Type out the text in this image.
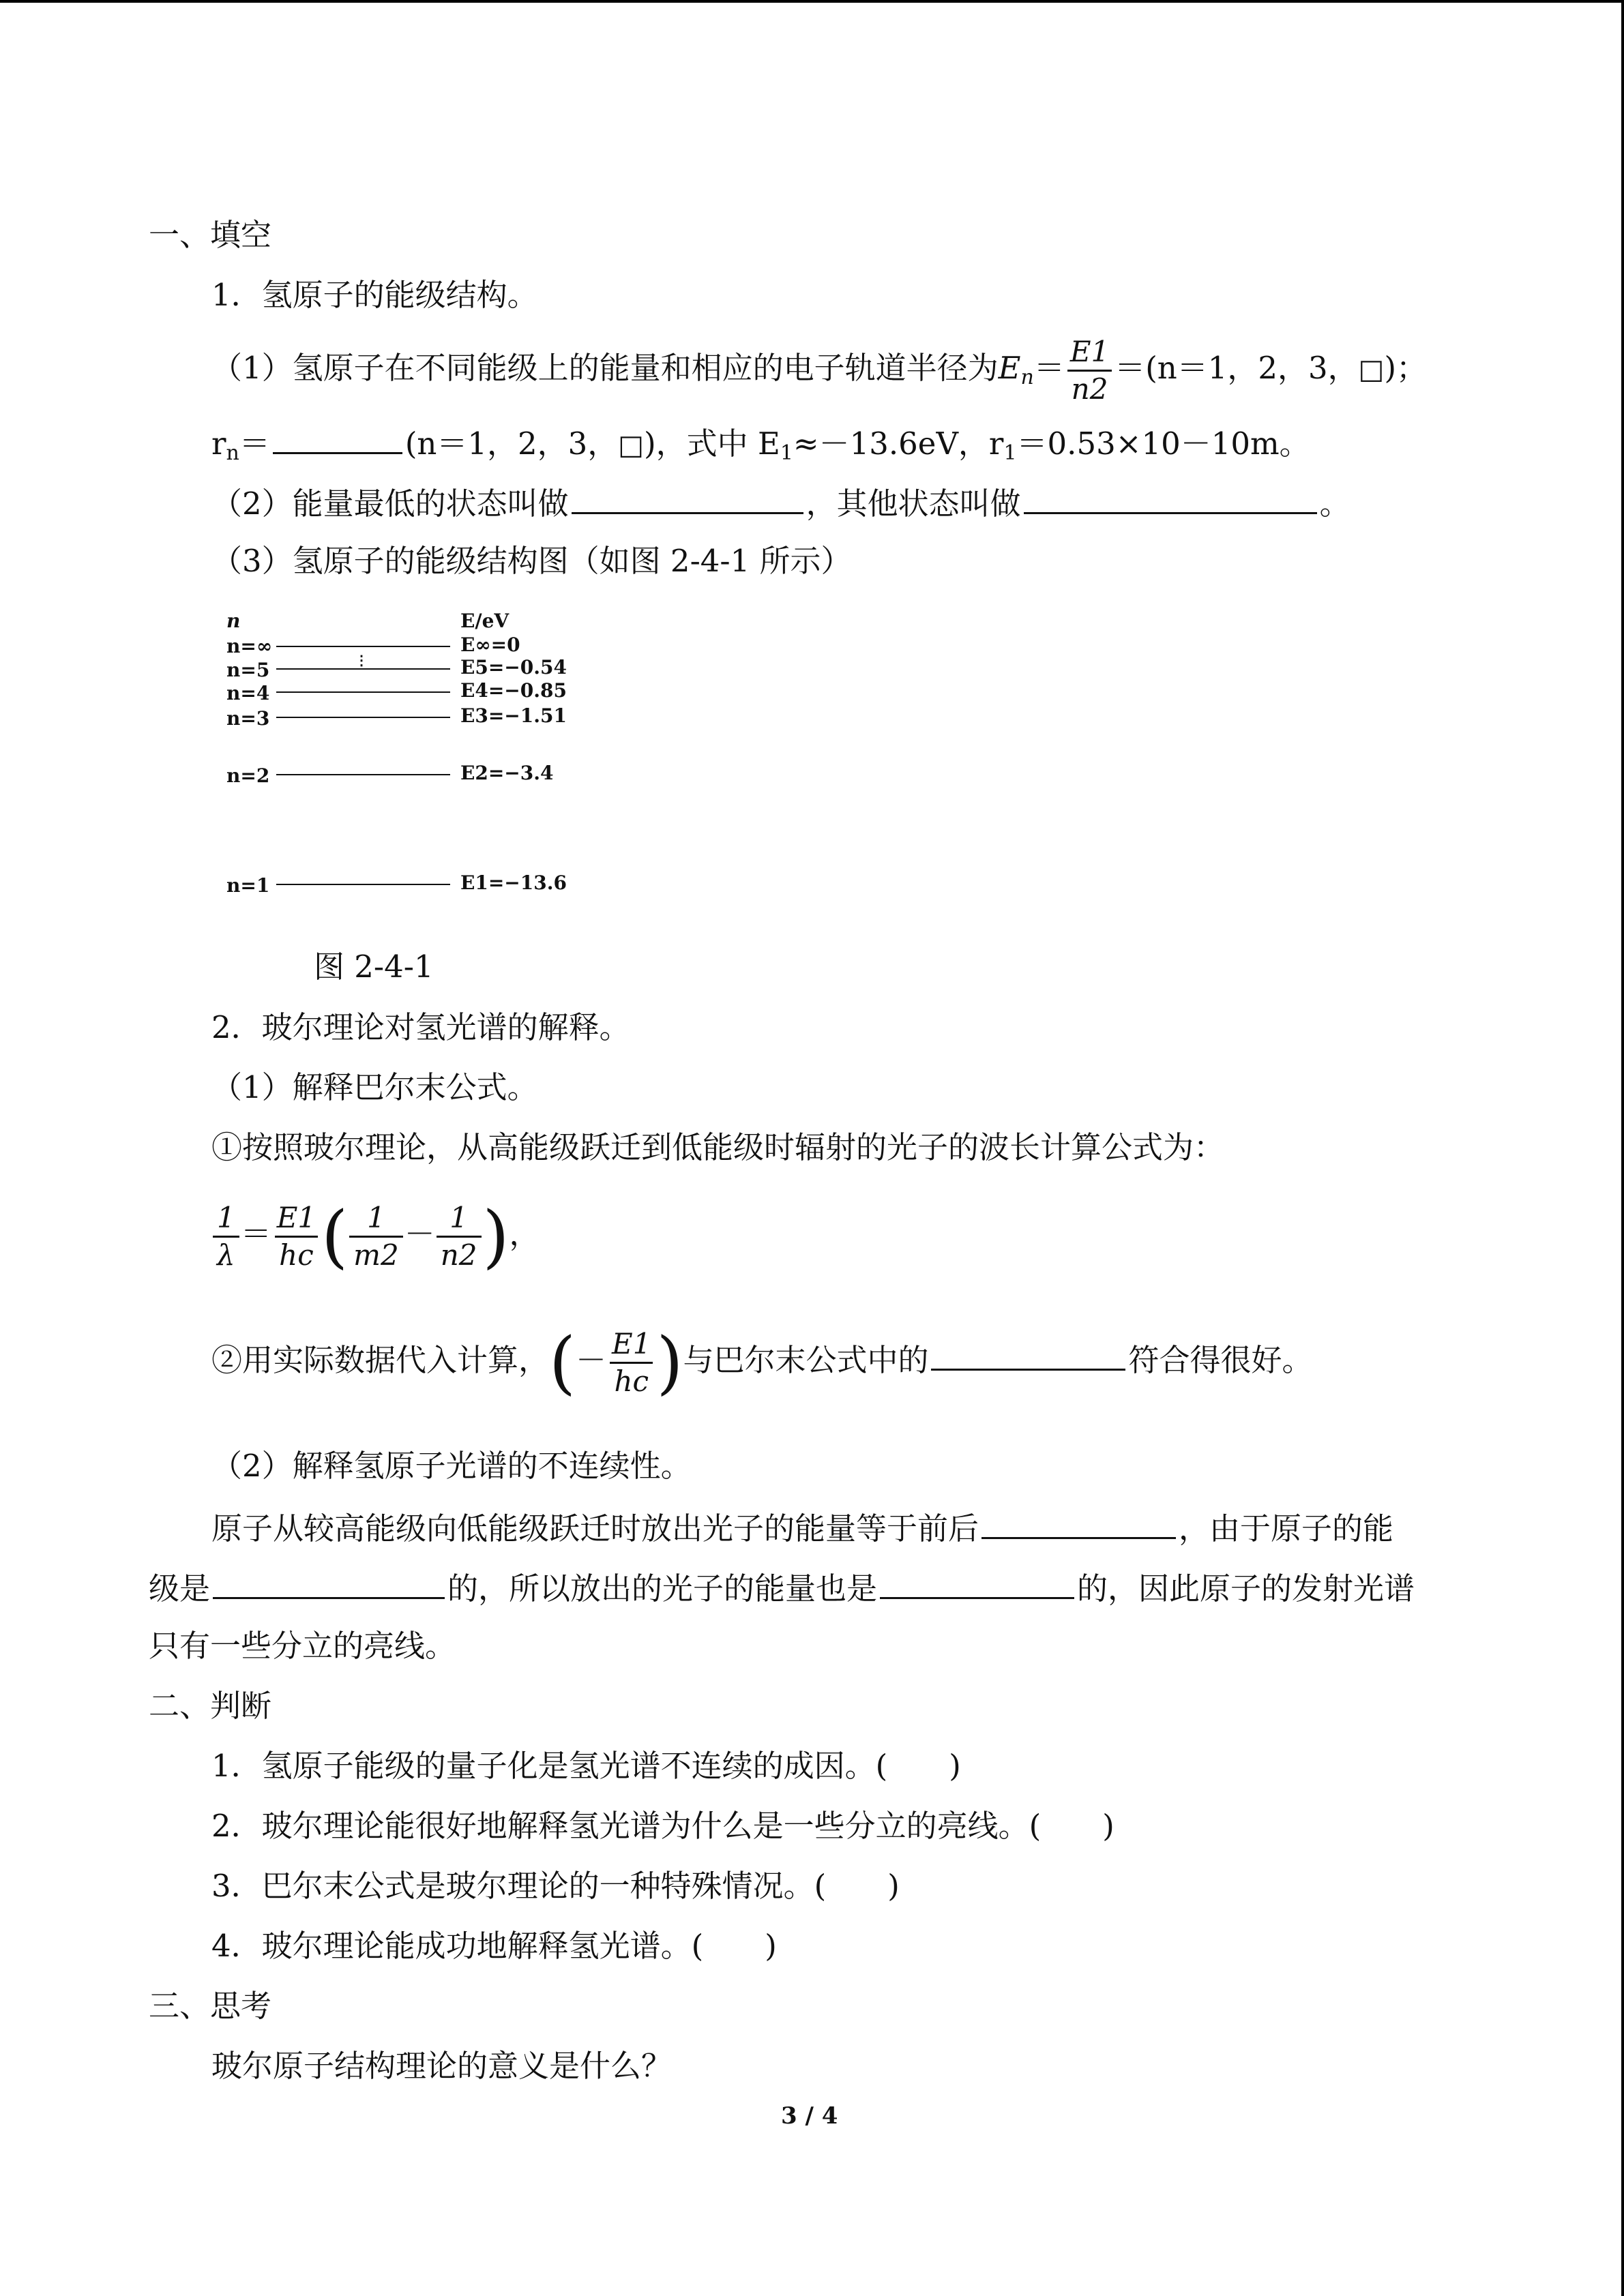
一、填空
1．氢原子的能级结构。
（1）氢原子在不同能级上的能量和相应的电子轨道半径为$E_n= \frac{E1}{n2} =(n=1$，2，3，□)；
$r_n=$	(n＝1，2，3，□)，式中 $E_1\approx-13.6eV$，$r_1=0.53\times 10-10m$。
（2）能量最低的状态叫做	，其他状态叫做	。
（3）氢原子的能级结构图（如图 2-4-1 所示）
n	E/eV
n=∞	E∞=0
⋮
n=5	E5=−0.54
n=4	E4=−0.85
n=3	E3=−1.51
n=2	E2=−3.4
n=1	E1=−13.6
图 2-4-1
2．玻尔理论对氢光谱的解释。
（1）解释巴尔末公式。
①按照玻尔理论，从高能级跃迁到低能级时辐射的光子的波长计算公式为：
$\frac{1}{\lambda} = \frac{E1}{hc}$ ( $\frac{1}{m2} - \frac{1}{n2}$ )，
②用实际数据代入计算，(－ $\frac{E1}{hc}$ )与巴尔末公式中的	符合得很好。
（2）解释氢原子光谱的不连续性。
原子从较高能级向低能级跃迁时放出光子的能量等于前后	，由于原子的能
级是	的，所以放出的光子的能量也是	的，因此原子的发射光谱
只有一些分立的亮线。
二、判断
1．氢原子能级的量子化是氢光谱不连续的成因。(　　)
2．玻尔理论能很好地解释氢光谱为什么是一些分立的亮线。(　　)
3．巴尔末公式是玻尔理论的一种特殊情况。(　　)
4．玻尔理论能成功地解释氢光谱。(　　)
三、思考
玻尔原子结构理论的意义是什么？
3 / 4
